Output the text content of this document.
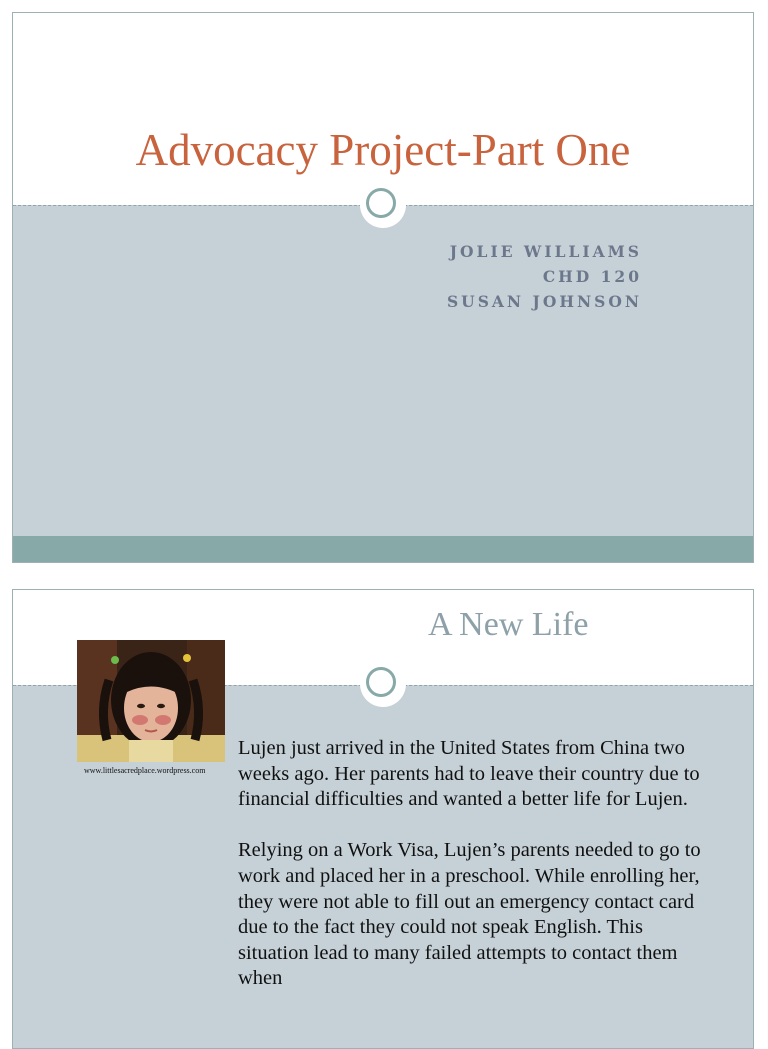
Advocacy Project-Part One
JOLIE WILLIAMS
CHD 120
SUSAN JOHNSON
A New Life
www.littlesacredplace.wordpress.com

Lujen just arrived in the United States from China two weeks ago. Her parents had to leave their country due to financial difficulties and wanted a better life for Lujen.

Relying on a Work Visa, Lujen’s parents needed to go to work and placed her in a preschool. While enrolling her, they were not able to fill out an emergency contact card due to the fact they could not speak English. This situation lead to many failed attempts to contact them when
